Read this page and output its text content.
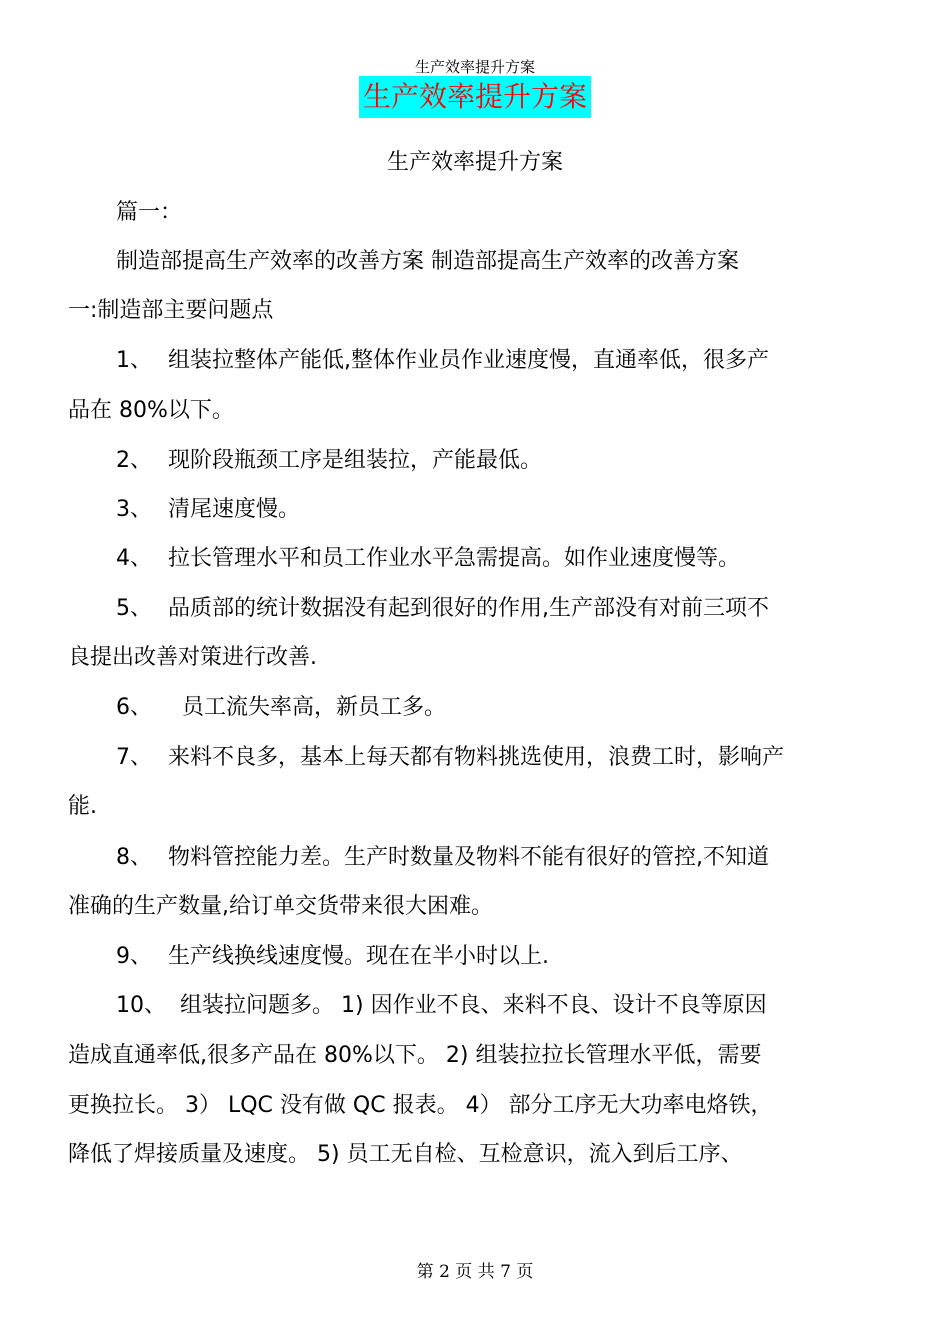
生产效率提升方案
生产效率提升方案
生产效率提升方案
篇一：
制造部提高生产效率的改善方案 制造部提高生产效率的改善方案
一:制造部主要问题点
1、 组装拉整体产能低,整体作业员作业速度慢，直通率低，很多产
品在 80%以下。
2、 现阶段瓶颈工序是组装拉，产能最低。
3、 清尾速度慢。
4、 拉长管理水平和员工作业水平急需提高。如作业速度慢等。
5、 品质部的统计数据没有起到很好的作用,生产部没有对前三项不
良提出改善对策进行改善.
6、  员工流失率高，新员工多。
7、 来料不良多，基本上每天都有物料挑选使用，浪费工时，影响产
能.
8、 物料管控能力差。生产时数量及物料不能有很好的管控,不知道
准确的生产数量,给订单交货带来很大困难。
9、 生产线换线速度慢。现在在半小时以上.
10、 组装拉问题多。 1) 因作业不良、来料不良、设计不良等原因
造成直通率低,很多产品在 80%以下。 2) 组装拉拉长管理水平低，需要
更换拉长。 3） LQC 没有做 QC 报表。 4） 部分工序无大功率电烙铁，
降低了焊接质量及速度。 5) 员工无自检、互检意识，流入到后工序、
第 2 页 共 7 页
